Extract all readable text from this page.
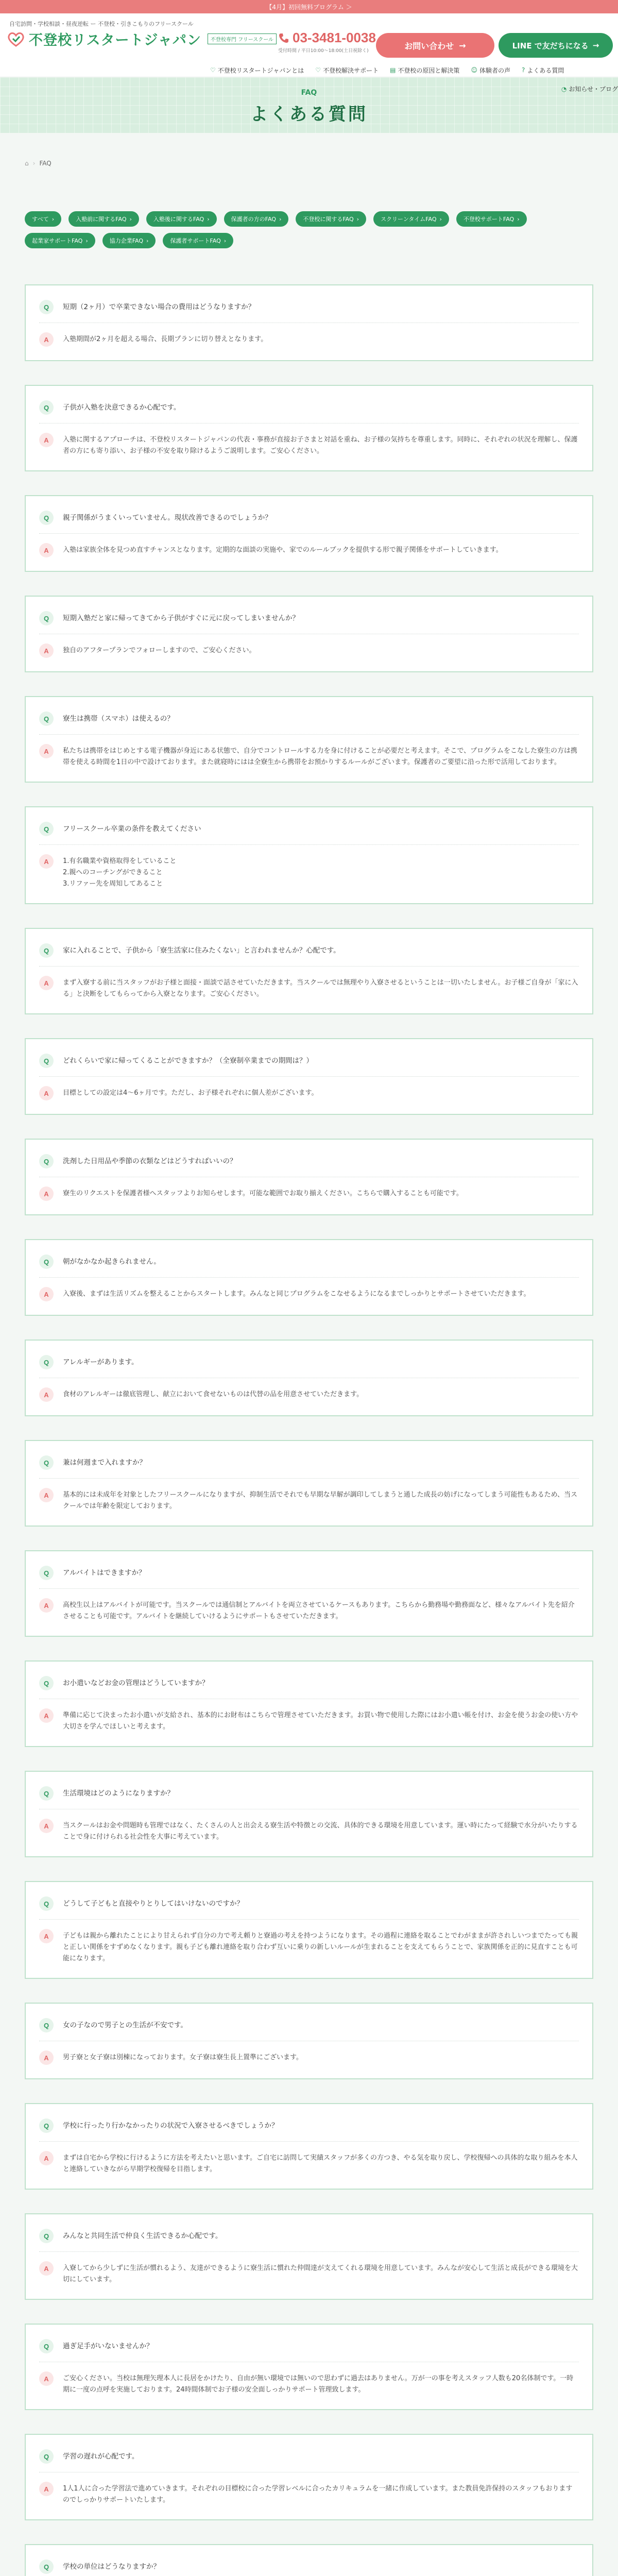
【4月】初回無料プログラム ＞
自宅訪問・学校相談・昼夜逆転 ー 不登校・引きこもりのフリースクール
不登校リスタートジャパン	不登校専門 フリースクール 03-3481-0038
受付時間 / 平日10:00〜18:00(土日祝除く)
お問い合わせ →	LINE で友だちになる →
♡ 不登校リスタートジャパンとは ♡ 不登校解決サポート ▤ 不登校の原因と解決策 ☺ 体験者の声 ? よくある質問
◔ お知らせ・ブログ
FAQ
よくある質問
⌂ › FAQ
すべて ›	入塾前に関するFAQ ›	入塾後に関するFAQ ›	保護者の方のFAQ ›	不登校に関するFAQ ›	スクリーンタイムFAQ ›	不登校サポートFAQ ›
起業家サポートFAQ ›	協力企業FAQ ›	保護者サポートFAQ ›
Q	短期（2ヶ月）で卒業できない場合の費用はどうなりますか？
A	入塾期間が2ヶ月を超える場合、長期プランに切り替えとなります。
Q	子供が入塾を決意できるか心配です。
A	入塾に関するアプローチは、不登校リスタートジャパンの代表・事務が直接お子さまと対話を重ね、お子様の気持ちを尊重します。同時に、それぞれの状況を理解し、保護者の方にも寄り添い、お子様の不安を取り除けるようご説明します。ご安心ください。
Q	親子関係がうまくいっていません。現状改善できるのでしょうか？
A	入塾は家族全体を見つめ直すチャンスとなります。定期的な面談の実施や、家でのルールブックを提供する形で親子関係をサポートしていきます。
Q	短期入塾だと家に帰ってきてから子供がすぐに元に戻ってしまいませんか？
A	独自のアフタープランでフォローしますので、ご安心ください。
Q	寮生は携帯（スマホ）は使えるの？
A	私たちは携帯をはじめとする電子機器が身近にある状態で、自分でコントロールする力を身に付けることが必要だと考えます。そこで、プログラムをこなした寮生の方は携帯を使える時間を1日の中で設けております。また就寝時にはは全寮生から携帯をお預かりするルールがございます。保護者のご要望に沿った形で活用しております。
Q	フリースクール卒業の条件を教えてください
A	1.有名職業や資格取得をしていること
2.親へのコーチングができること
3.リファー先を周知してあること
Q	家に入れることで、子供から「寮生活家に住みたくない」と言われませんか？心配です。
A	まず入寮する前に当スタッフがお子様と面接・面談で話させていただきます。当スクールでは無理やり入寮させるということは一切いたしません。お子様ご自身が「家に入る」と決断をしてもらってから入寮となります。ご安心ください。
Q	どれくらいで家に帰ってくることができますか？（全寮制卒業までの期間は？）
A	目標としての設定は4〜6ヶ月です。ただし、お子様それぞれに個人差がございます。
Q	洗剤した日用品や季節の衣類などはどうすればいいの？
A	寮生のリクエストを保護者様へスタッフよりお知らせします。可能な範囲でお取り揃えください。こちらで購入することも可能です。
Q	朝がなかなか起きられません。
A	入寮後、まずは生活リズムを整えることからスタートします。みんなと同じプログラムをこなせるようになるまでしっかりとサポートさせていただきます。
Q	アレルギーがあります。
A	食材のアレルギーは徹底管理し、献立において食せないものは代替の品を用意させていただきます。
Q	兼は何週まで入れますか？
A	基本的には未成年を対象としたフリースクールになりますが、抑制生活でそれでも早期な早解が調印してしまうと通した成長の妨げになってしまう可能性もあるため、当スクールでは年齢を限定しております。
Q	アルバイトはできますか？
A	高校生以上はアルバイトが可能です。当スクールでは通信制とアルバイトを両立させているケースもあります。こちらから勤務場や勤務面など、様々なアルバイト先を紹介させることも可能です。アルバイトを継続していけるようにサポートもさせていただきます。
Q	お小遣いなどお金の管理はどうしていますか？
A	準備に応じて決まったお小遣いが支給され、基本的にお財布はこちらで管理させていただきます。お買い物で使用した際にはお小遣い帳を付け、お金を使うお金の使い方や大切さを学んでほしいと考えます。
Q	生活環境はどのようになりますか？
A	当スクールはお金や問題時も管理ではなく、たくさんの人と出会える寮生活や特徴との交流、具体的できる環境を用意しています。運い時にたって経験で水分がいたりすることで身に付けられる社会性を大事に考えています。
Q	どうして子どもと直接やりとりしてはいけないのですか？
A	子どもは親から離れたことにより甘えられず自分の力で考え頼りと寮過の考えを持つようになります。その過程に連絡を取ることでわがままが許されしいつまでたっても親と正しい関係をすずめなくなります。親も子ども離れ連絡を取り合わず互いに乗りの新しいルールが生まれることを支えてもらうことで、家族関係を正的に見直すことも可能になります。
Q	女の子なので男子との生活が不安です。
A	男子寮と女子寮は別棟になっております。女子寮は寮生長上置準にございます。
Q	学校に行ったり行かなかったりの状況で入寮させるべきでしょうか？
A	まずは自宅から学校に行けるように方法を考えたいと思います。ご自宅に訪問して実績スタッフが多くの方つき、やる気を取り戻し、学校復帰への具体的な取り組みを本人と連絡していきながら早期学校復帰を目指します。
Q	みんなと共同生活で仲良く生活できるか心配です。
A	入寮してから少しずに生活が慣れるよう、友達ができるように寮生活に慣れた仲間達が支えてくれる環境を用意しています。みんなが安心して生活と成長ができる環境を大切にしています。
Q	過ぎ足手がいないませんか？
A	ご安心ください。当校は無理矢理本人に長居をかけたり、自由が無い環境では無いので思わずに過去はありません。万が一の事を考えスタッフ人数も20名体制です。一時期に一度の点呼を実施しております。24時間体制でお子様の安全面しっかりサポート管理致します。
Q	学習の遅れが心配です。
A	1人1人に合った学習法で進めていきます。それぞれの目標校に合った学習レベルに合ったカリキュラムを一緒に作成しています。また教員免許保持のスタッフもおりますのでしっかりサポートいたします。
Q	学校の単位はどうなりますか？
